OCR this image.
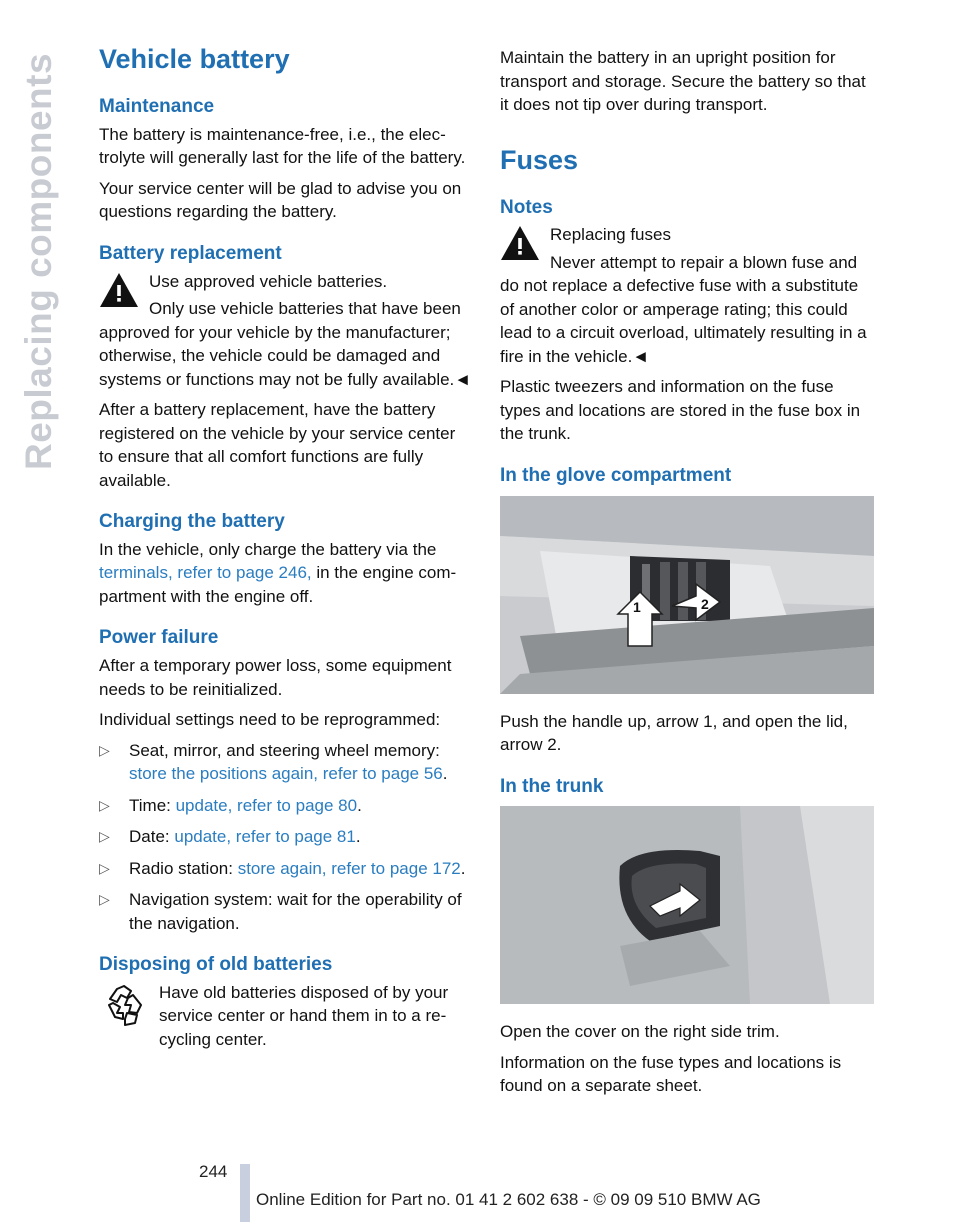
Replacing components Vehicle battery
Maintenance

The battery is maintenance-free, i.e., the electrolyte will generally last for the life of the battery.

Your service center will be glad to advise you on questions regarding the battery.

Battery replacement

Use approved vehicle batteries.

Only use vehicle batteries that have been approved for your vehicle by the manufacturer; otherwise, the vehicle could be damaged and systems or functions may not be fully available.◄

After a battery replacement, have the battery registered on the vehicle by your service center to ensure that all comfort functions are fully available.

Charging the battery

In the vehicle, only charge the battery via the terminals, refer to page 246, in the engine compartment with the engine off.

Power failure

After a temporary power loss, some equipment needs to be reinitialized.

Individual settings need to be reprogrammed:

▷ Seat, mirror, and steering wheel memory: store the positions again, refer to page 56.
▷ Time: update, refer to page 80.
▷ Date: update, refer to page 81.
▷ Radio station: store again, refer to page 172.
▷ Navigation system: wait for the operability of the navigation.
Disposing of old batteries

Have old batteries disposed of by your service center or hand them in to a recycling center.

Maintain the battery in an upright position for transport and storage. Secure the battery so that it does not tip over during transport.

Fuses
Notes

Replacing fuses

Never attempt to repair a blown fuse and do not replace a defective fuse with a substitute of another color or amperage rating; this could lead to a circuit overload, ultimately resulting in a fire in the vehicle.◄

Plastic tweezers and information on the fuse types and locations are stored in the fuse box in the trunk.

In the glove compartment
1	2

Push the handle up, arrow 1, and open the lid, arrow 2.

In the trunk

Open the cover on the right side trim.

Information on the fuse types and locations is found on a separate sheet.

244
Online Edition for Part no. 01 41 2 602 638 - © 09 09 510 BMW AG
